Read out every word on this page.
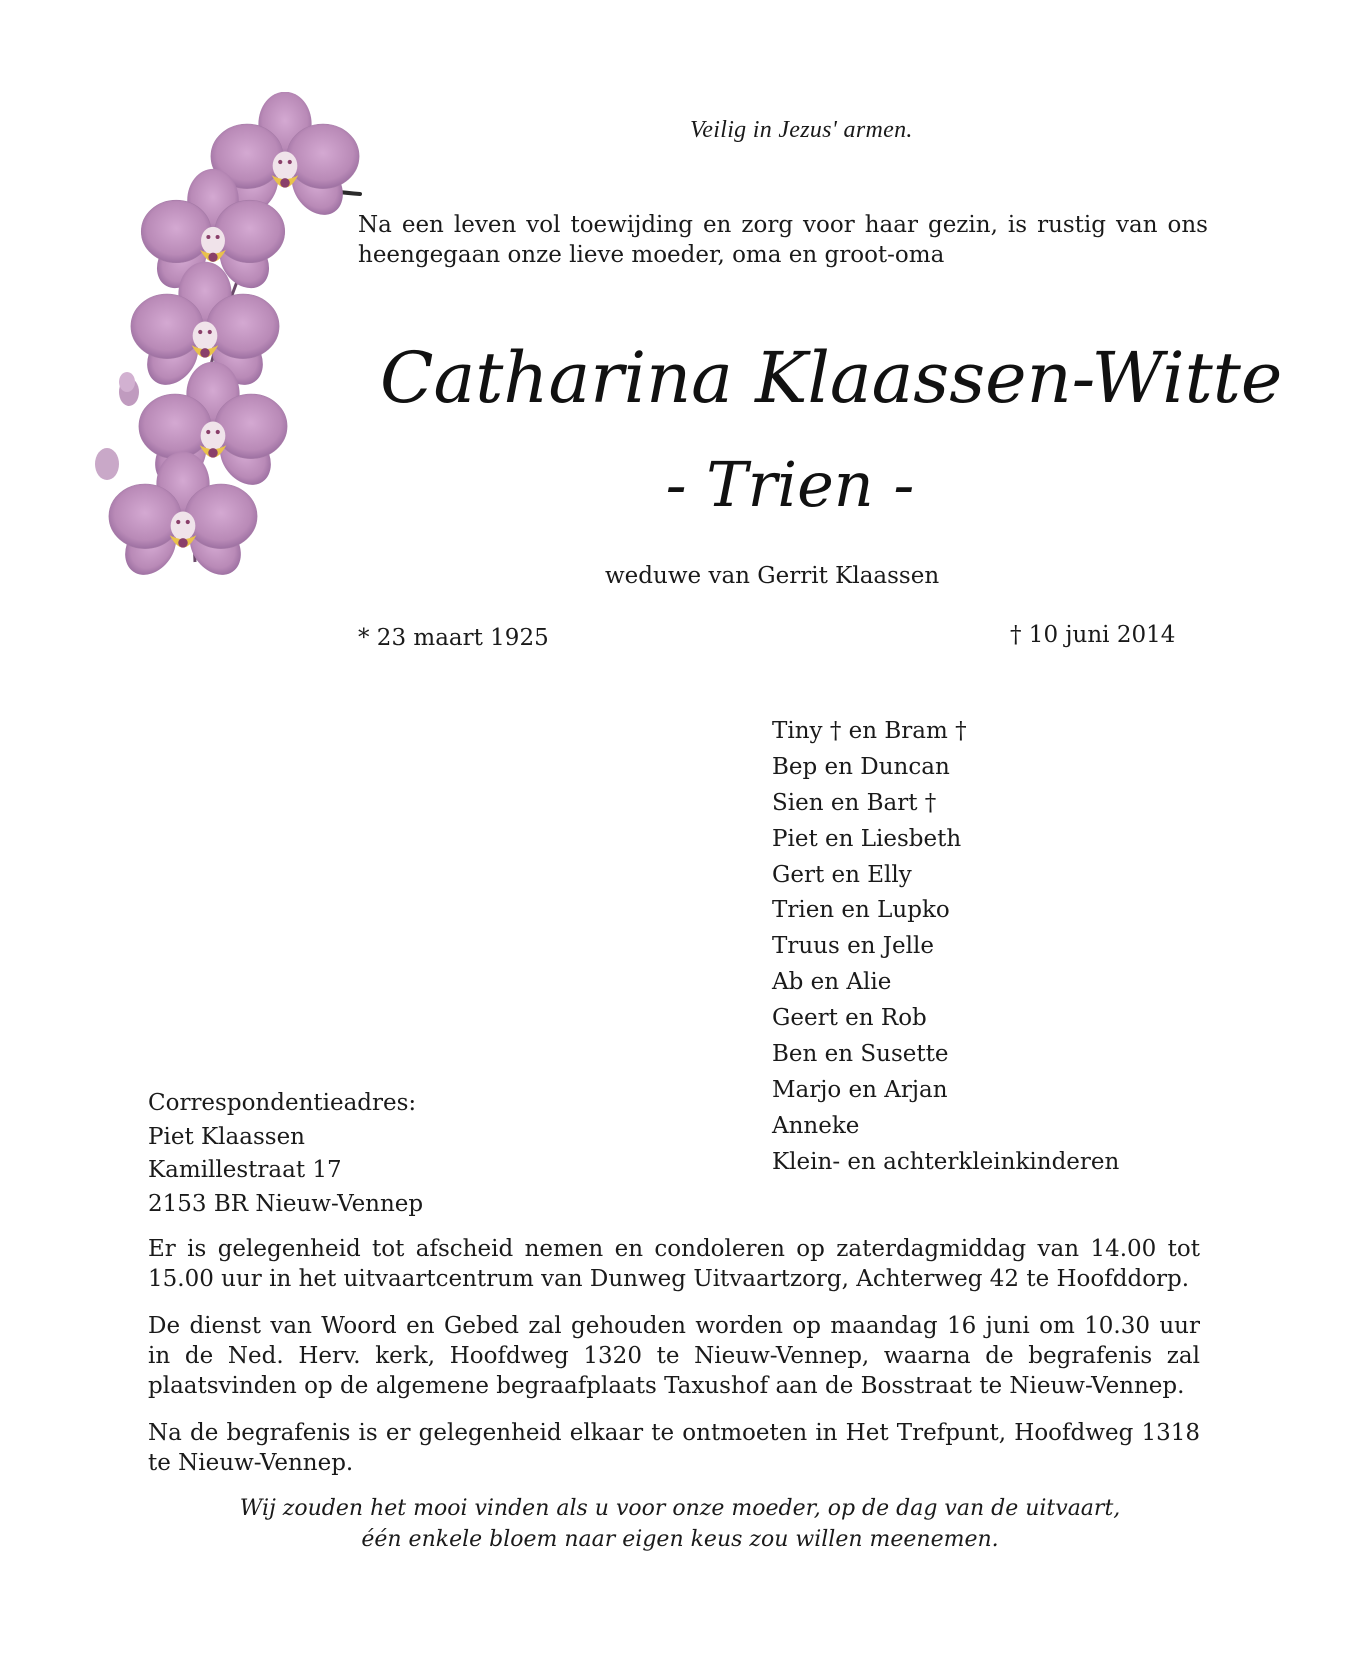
Veilig in Jezus' armen.
Na een leven vol toewijding en zorg voor haar gezin, is rustig van ons
heengegaan onze lieve moeder, oma en groot-oma
Catharina Klaassen-Witte
- Trien -
weduwe van Gerrit Klaassen
* 23 maart 1925	† 10 juni 2014
Tiny † en Bram †
Bep en Duncan
Sien en Bart †
Piet en Liesbeth
Gert en Elly
Trien en Lupko
Truus en Jelle
Ab en Alie
Geert en Rob
Ben en Susette
Marjo en Arjan
Anneke
Klein- en achterkleinkinderen
Correspondentieadres:
Piet Klaassen
Kamillestraat 17
2153 BR Nieuw-Vennep
Er is gelegenheid tot afscheid nemen en condoleren op zaterdagmiddag van 14.00 tot
15.00 uur in het uitvaartcentrum van Dunweg Uitvaartzorg, Achterweg 42 te Hoofddorp.
De dienst van Woord en Gebed zal gehouden worden op maandag 16 juni om 10.30 uur
in de Ned. Herv. kerk, Hoofdweg 1320 te Nieuw-Vennep, waarna de begrafenis zal
plaatsvinden op de algemene begraafplaats Taxushof aan de Bosstraat te Nieuw-Vennep.
Na de begrafenis is er gelegenheid elkaar te ontmoeten in Het Trefpunt, Hoofdweg 1318
te Nieuw-Vennep.
Wij zouden het mooi vinden als u voor onze moeder, op de dag van de uitvaart,
één enkele bloem naar eigen keus zou willen meenemen.
